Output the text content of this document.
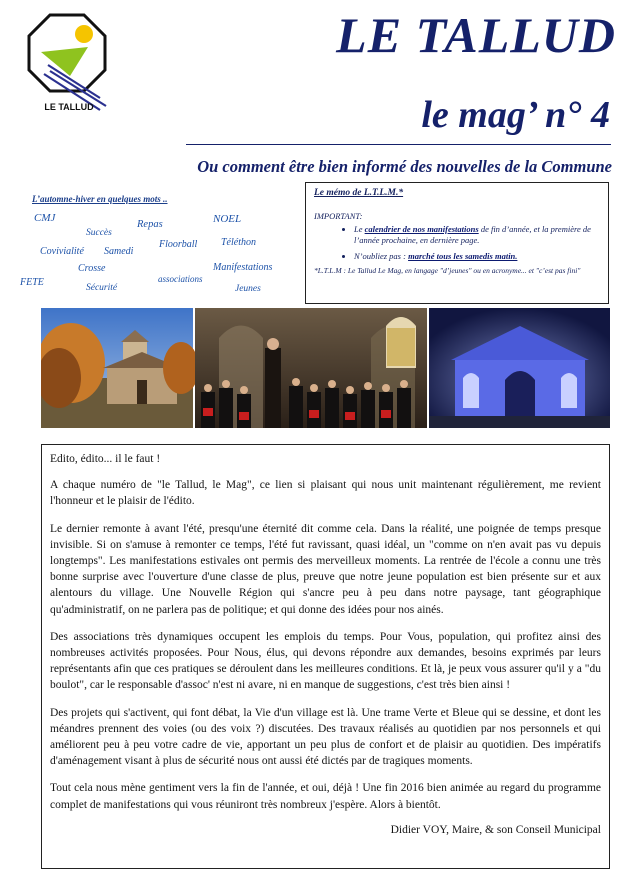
LE TALLUD
LE TALLUD
le mag’ n° 4
Ou comment être bien informé des nouvelles de la Commune
L’automne-hiver en quelques mots ..
CMJ
Succès
Repas	NOEL
Covivialité Samedi
Floorball Téléthon
Crosse
associations
Manifestations
FETE	Sécurité	Jeunes
Le mémo de L.T.L.M.*
IMPORTANT:
• Le calendrier de nos manifestations de fin d’année, et la première de l’année prochaine, en dernière page.
• N’oubliez pas : marché tous les samedis matin.
*L.T.L.M : Le Tallud Le Mag, en langage "d’jeunes" ou en acronyme... et "c’est pas fini"

Edito, édito... il le faut !

A chaque numéro de "le Tallud, le Mag", ce lien si plaisant qui nous unit maintenant régulièrement, me revient l'honneur et le plaisir de l'édito.

Le dernier remonte à avant l'été, presqu'une éternité dit comme cela. Dans la réalité, une poignée de temps presque invisible. Si on s'amuse à remonter ce temps, l'été fut ravissant, quasi idéal, un "comme on n'en avait pas vu depuis longtemps". Les manifestations estivales ont permis des merveilleux moments. La rentrée de l'école a connu une très bonne surprise avec l'ouverture d'une classe de plus, preuve que notre jeune population est bien présente sur et aux alentours du village. Une Nouvelle Région qui s'ancre peu à peu dans notre paysage, tant géographique qu'administratif, on ne parlera pas de politique; et qui donne des idées pour nos ainés.

Des associations très dynamiques occupent les emplois du temps. Pour Vous, population, qui profitez ainsi des nombreuses activités proposées. Pour Nous, élus, qui devons répondre aux demandes, besoins exprimés par leurs représentants afin que ces pratiques se déroulent dans les meilleures conditions. Et là, je peux vous assurer qu'il y a "du boulot", car le responsable d'assoc' n'est ni avare, ni en manque de suggestions, c'est très bien ainsi !

Des projets qui s'activent, qui font débat, la Vie d'un village est là. Une trame Verte et Bleue qui se dessine, et dont les méandres prennent des voies (ou des voix ?) discutées. Des travaux réalisés au quotidien par nos personnels et qui améliorent peu à peu votre cadre de vie, apportant un peu plus de confort et de plaisir au quotidien. Des impératifs d'aménagement visant à plus de sécurité nous ont aussi été dictés par de tragiques moments.

Tout cela nous mène gentiment vers la fin de l'année, et oui, déjà ! Une fin 2016 bien animée au regard du programme complet de manifestations qui vous réuniront très nombreux j'espère. Alors à bientôt.

Didier VOY, Maire, & son Conseil Municipal
